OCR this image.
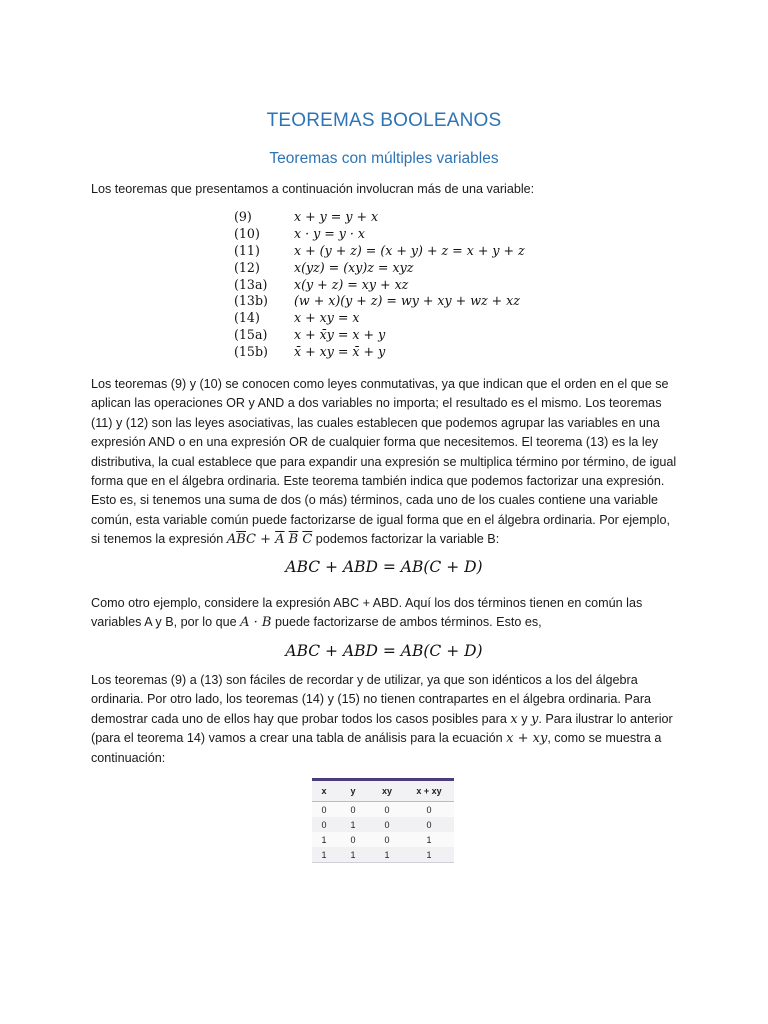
TEOREMAS BOOLEANOS
Teoremas con múltiples variables
Los teoremas que presentamos a continuación involucran más de una variable:
(9)	x + y = y + x
(10)	x · y = y · x
(11)	x + (y + z) = (x + y) + z = x + y + z
(12)	x(yz) = (xy)z = xyz
(13a)	x(y + z) = xy + xz
(13b)	(w + x)(y + z) = wy + xy + wz + xz
(14)	x + xy = x
(15a)	x + x̄y = x + y
(15b)	x̄ + xy = x̄ + y
Los teoremas (9) y (10) se conocen como leyes conmutativas, ya que indican que el orden en el que se aplican las operaciones OR y AND a dos variables no importa; el resultado es el mismo. Los teoremas (11) y (12) son las leyes asociativas, las cuales establecen que podemos agrupar las variables en una expresión AND o en una expresión OR de cualquier forma que necesitemos. El teorema (13) es la ley distributiva, la cual establece que para expandir una expresión se multiplica término por término, de igual forma que en el álgebra ordinaria. Este teorema también indica que podemos factorizar una expresión. Esto es, si tenemos una suma de dos (o más) términos, cada uno de los cuales contiene una variable común, esta variable común puede factorizarse de igual forma que en el álgebra ordinaria. Por ejemplo, si tenemos la expresión $A\overline{B}C + \overline{A}$ $\overline{B}$ $\overline{C}$ podemos factorizar la variable B:
ABC + ABD = AB(C + D)
Como otro ejemplo, considere la expresión ABC + ABD. Aquí los dos términos tienen en común las variables A y B, por lo que A · B puede factorizarse de ambos términos. Esto es,
ABC + ABD = AB(C + D)
Los teoremas (9) a (13) son fáciles de recordar y de utilizar, ya que son idénticos a los del álgebra ordinaria. Por otro lado, los teoremas (14) y (15) no tienen contrapartes en el álgebra ordinaria. Para demostrar cada uno de ellos hay que probar todos los casos posibles para x y y. Para ilustrar lo anterior (para el teorema 14) vamos a crear una tabla de análisis para la ecuación x + xy, como se muestra a continuación:
x	y	xy	x + xy
0	0	0	0
0	1	0	0
1	0	0	1
1	1	1	1
